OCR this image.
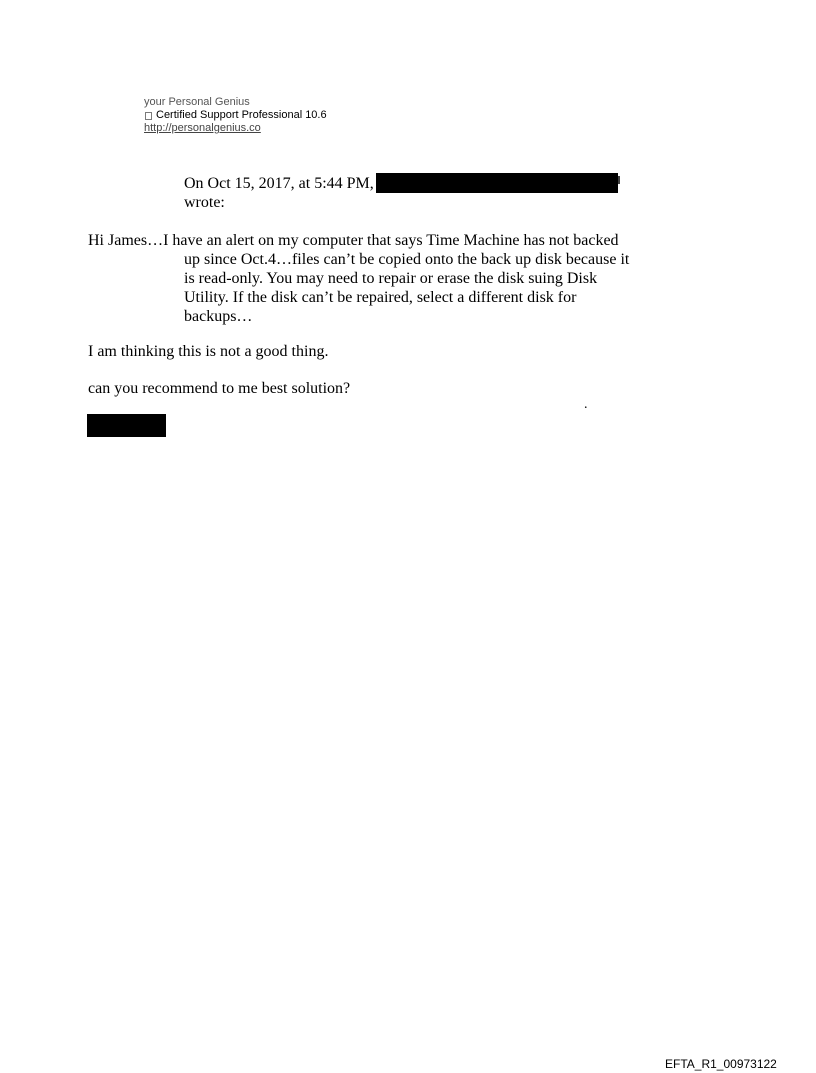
your Personal Genius
Certified Support Professional 10.6
http://personalgenius.co
On Oct 15, 2017, at 5:44 PM,
wrote:
Hi James…I have an alert on my computer that says Time Machine has not backed
up since Oct.4…files can’t be copied onto the back up disk because it
is read-only. You may need to repair or erase the disk suing Disk
Utility. If the disk can’t be repaired, select a different disk for
backups…
I am thinking this is not a good thing.
can you recommend to me best solution?
.
EFTA_R1_00973122
